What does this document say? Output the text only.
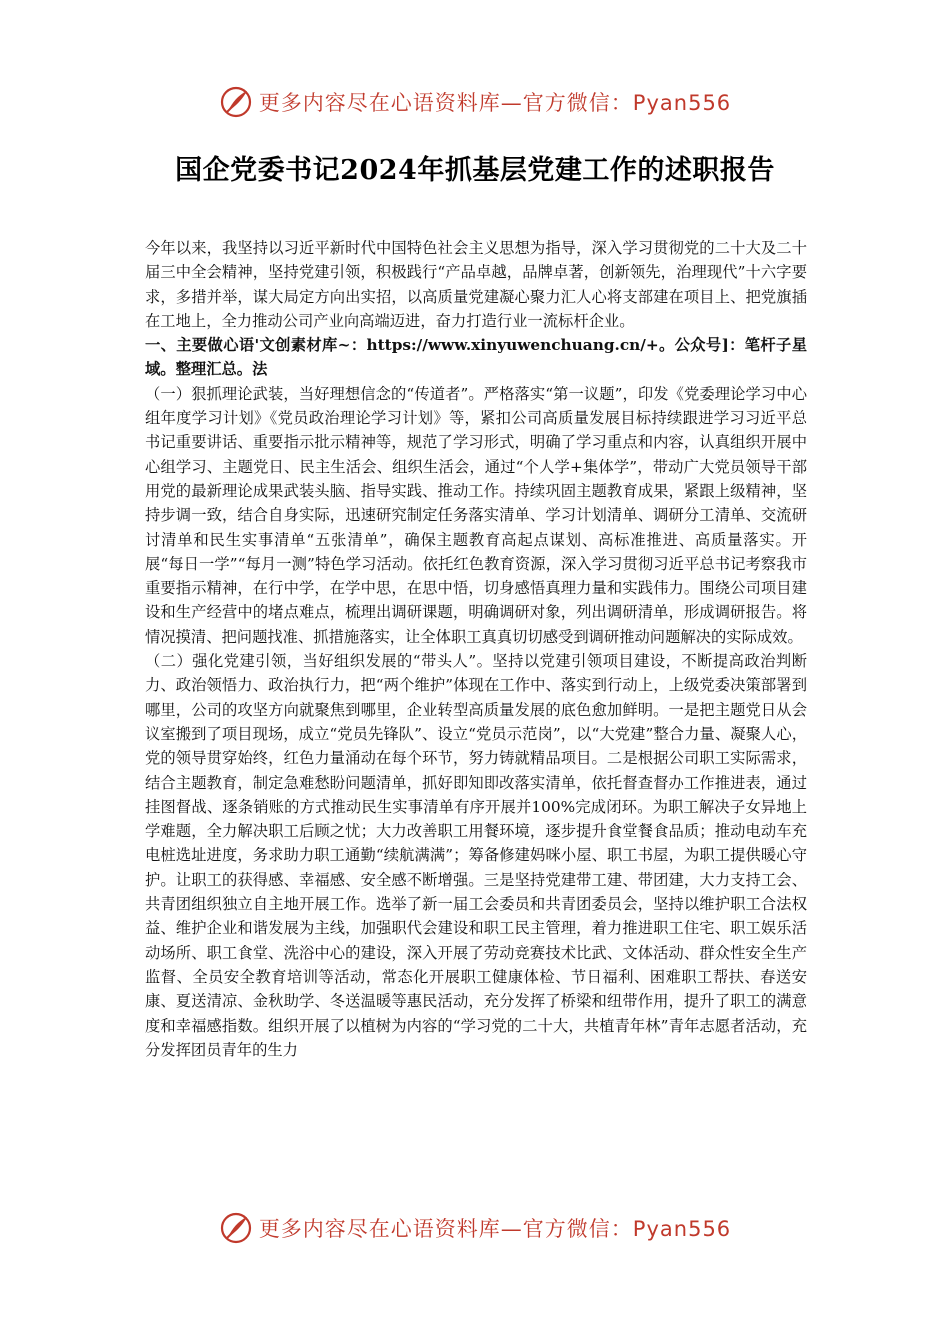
更多内容尽在心语资料库—官方微信：Pyan556
国企党委书记2024年抓基层党建工作的述职报告

今年以来，我坚持以习近平新时代中国特色社会主义思想为指导，深入学习贯彻党的二十大及二十届三中全会精神，坚持党建引领，积极践行“产品卓越，品牌卓著，创新领先，治理现代”十六字要求，多措并举，谋大局定方向出实招，以高质量党建凝心聚力汇人心将支部建在项目上、把党旗插在工地上，全力推动公司产业向高端迈进，奋力打造行业一流标杆企业。

一、主要做心语'文创素材库~：https://www.xinyuwenchuang.cn/+。公众号]：笔杆子星域。整理汇总。法

（一）狠抓理论武装，当好理想信念的“传道者”。严格落实“第一议题”，印发《党委理论学习中心组年度学习计划》《党员政治理论学习计划》等，紧扣公司高质量发展目标持续跟进学习习近平总书记重要讲话、重要指示批示精神等，规范了学习形式，明确了学习重点和内容，认真组织开展中心组学习、主题党日、民主生活会、组织生活会，通过“个人学+集体学”，带动广大党员领导干部用党的最新理论成果武装头脑、指导实践、推动工作。持续巩固主题教育成果，紧跟上级精神，坚持步调一致，结合自身实际，迅速研究制定任务落实清单、学习计划清单、调研分工清单、交流研讨清单和民生实事清单“五张清单”，确保主题教育高起点谋划、高标准推进、高质量落实。开展“每日一学”“每月一测”特色学习活动。依托红色教育资源，深入学习贯彻习近平总书记考察我市重要指示精神，在行中学，在学中思，在思中悟，切身感悟真理力量和实践伟力。围绕公司项目建设和生产经营中的堵点难点，梳理出调研课题，明确调研对象，列出调研清单，形成调研报告。将情况摸清、把问题找准、抓措施落实，让全体职工真真切切感受到调研推动问题解决的实际成效。

（二）强化党建引领，当好组织发展的“带头人”。坚持以党建引领项目建设，不断提高政治判断力、政治领悟力、政治执行力，把“两个维护”体现在工作中、落实到行动上，上级党委决策部署到哪里，公司的攻坚方向就聚焦到哪里，企业转型高质量发展的底色愈加鲜明。一是把主题党日从会议室搬到了项目现场，成立“党员先锋队”、设立“党员示范岗”，以“大党建”整合力量、凝聚人心，党的领导贯穿始终，红色力量涌动在每个环节，努力铸就精品项目。二是根据公司职工实际需求，结合主题教育，制定急难愁盼问题清单，抓好即知即改落实清单，依托督查督办工作推进表，通过挂图督战、逐条销账的方式推动民生实事清单有序开展并100%完成闭环。为职工解决子女异地上学难题，全力解决职工后顾之忧；大力改善职工用餐环境，逐步提升食堂餐食品质；推动电动车充电桩选址进度，务求助力职工通勤“续航满满”；筹备修建妈咪小屋、职工书屋，为职工提供暖心守护。让职工的获得感、幸福感、安全感不断增强。三是坚持党建带工建、带团建，大力支持工会、共青团组织独立自主地开展工作。选举了新一届工会委员和共青团委员会，坚持以维护职工合法权益、维护企业和谐发展为主线，加强职代会建设和职工民主管理，着力推进职工住宅、职工娱乐活动场所、职工食堂、洗浴中心的建设，深入开展了劳动竞赛技术比武、文体活动、群众性安全生产监督、全员安全教育培训等活动，常态化开展职工健康体检、节日福利、困难职工帮扶、春送安康、夏送清凉、金秋助学、冬送温暖等惠民活动，充分发挥了桥梁和纽带作用，提升了职工的满意度和幸福感指数。组织开展了以植树为内容的“学习党的二十大，共植青年林”青年志愿者活动，充分发挥团员青年的生力

更多内容尽在心语资料库—官方微信：Pyan556
